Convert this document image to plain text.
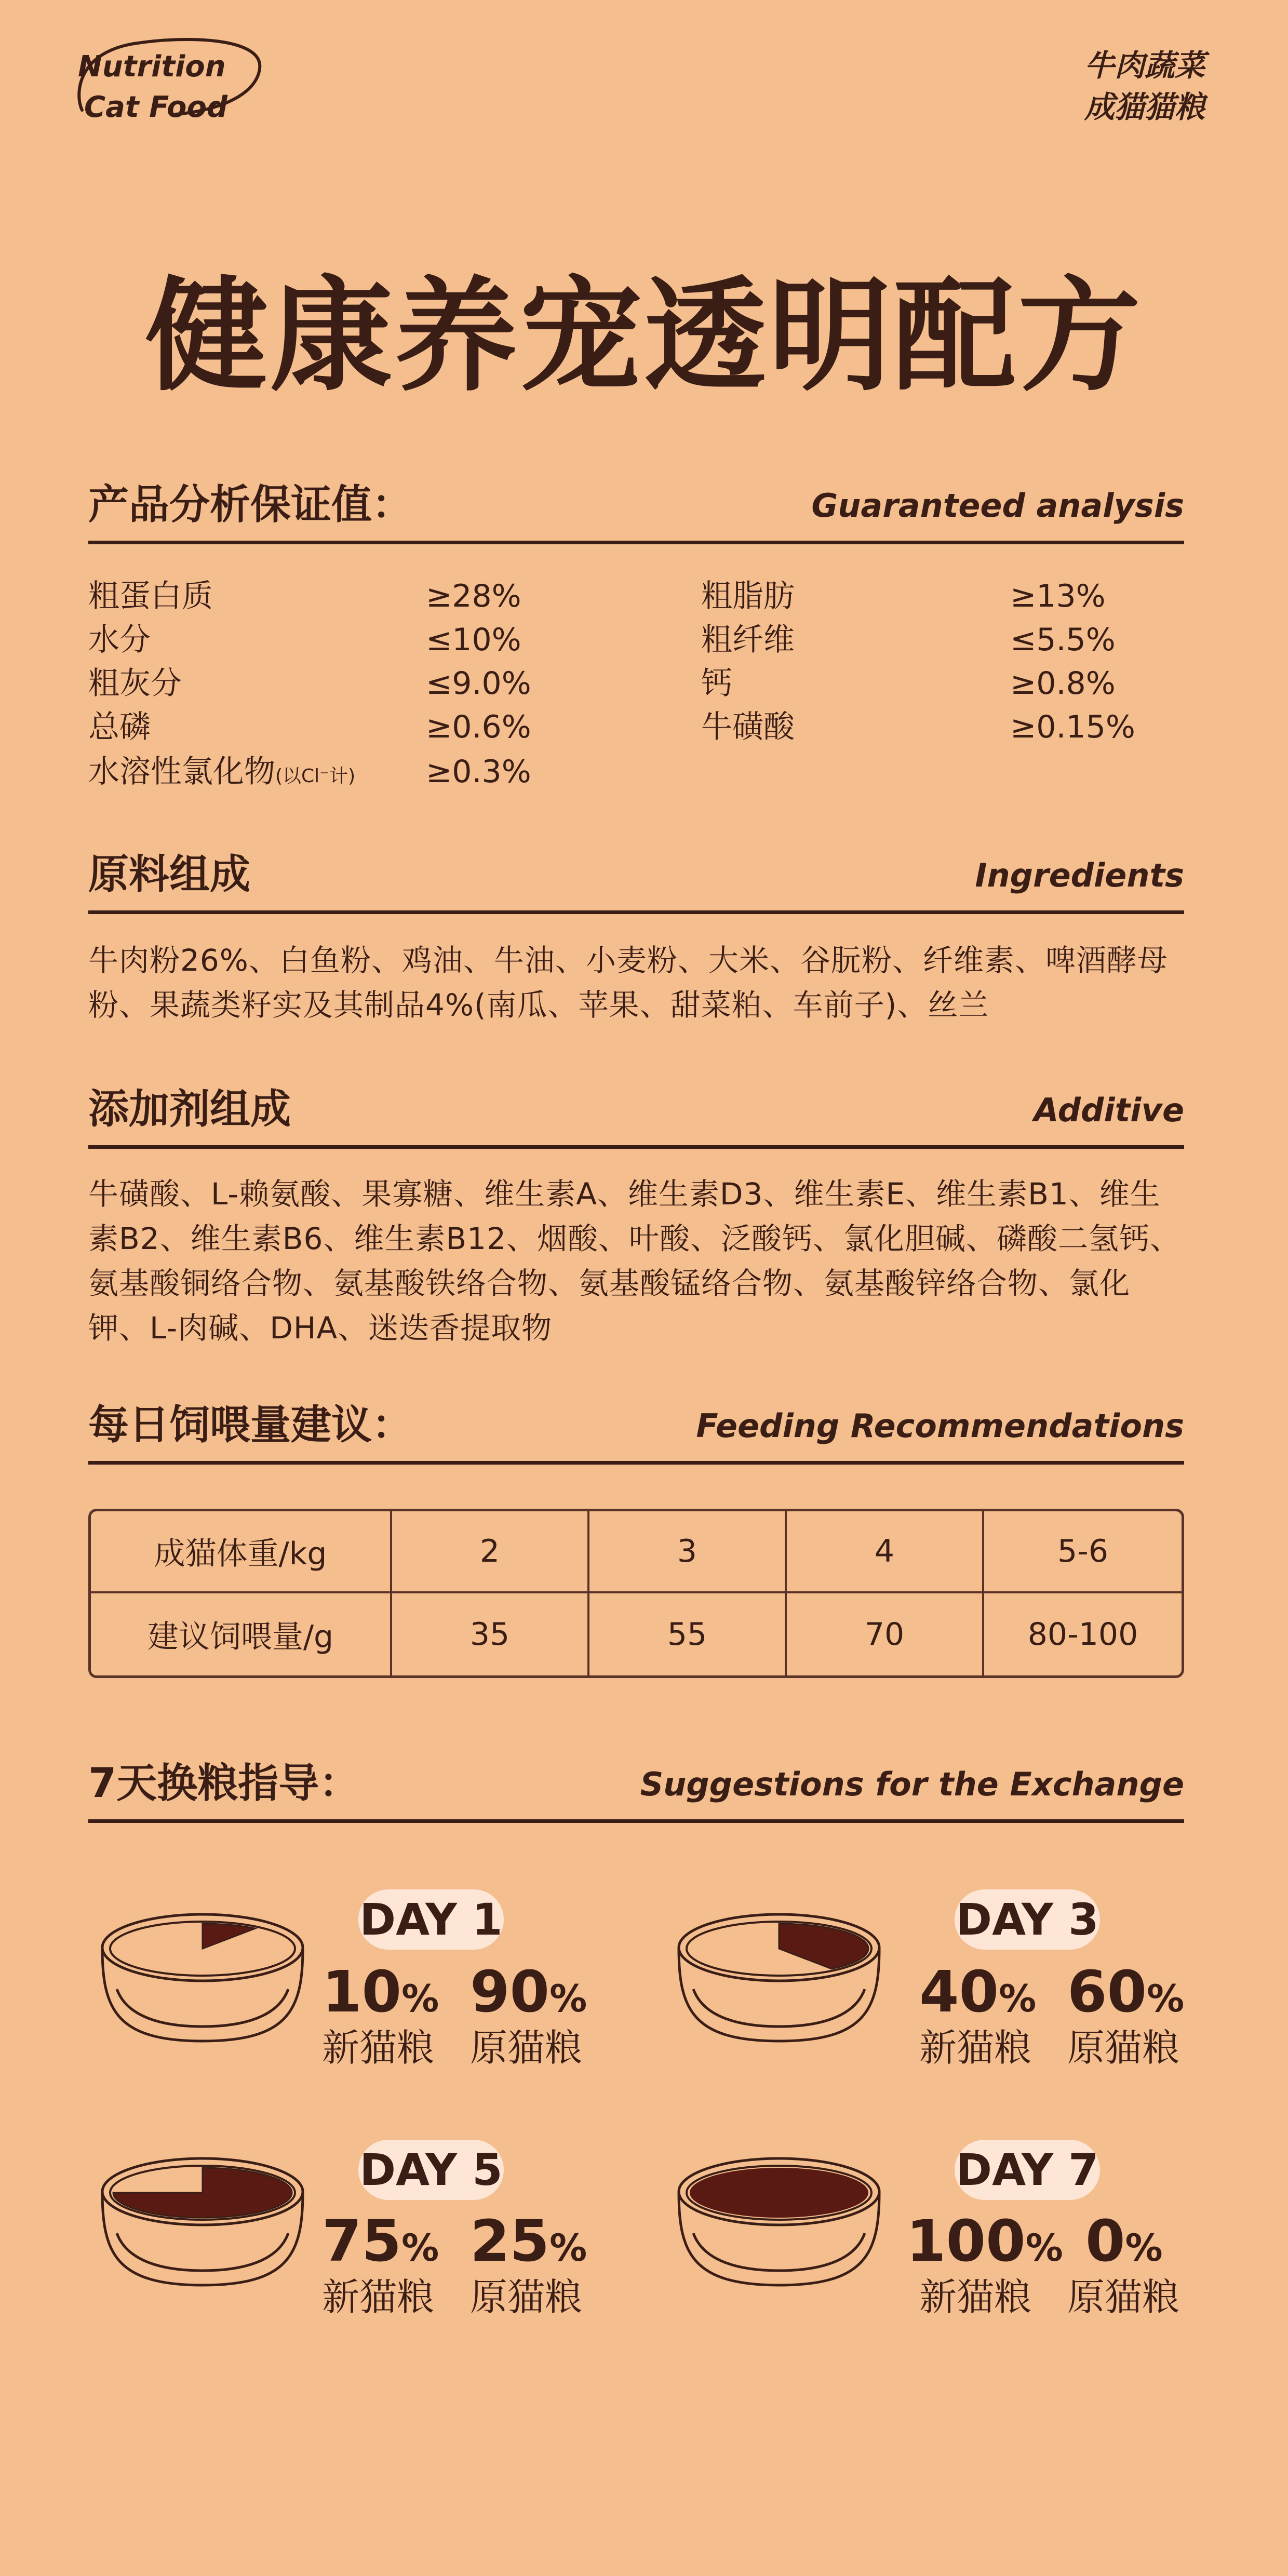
Nutrition
Cat Food
牛肉蔬菜
成猫猫粮
健康养宠透明配方
产品分析保证值：	Guaranteed analysis
粗蛋白质	≥28%	粗脂肪	≥13%
水分	≤10%	粗纤维	≤5.5%
粗灰分	≤9.0%	钙	≥0.8%
总磷	≥0.6%	牛磺酸	≥0.15%
水溶性氯化物(以Cl⁻计) ≥0.3%
原料组成	Ingredients
牛肉粉26%、白鱼粉、鸡油、牛油、小麦粉、大米、谷朊粉、纤维素、啤酒酵母粉、果蔬类籽实及其制品4%(南瓜、苹果、甜菜粕、车前子)、丝兰
添加剂组成	Additive
牛磺酸、L-赖氨酸、果寡糖、维生素A、维生素D3、维生素E、维生素B1、维生素B2、维生素B6、维生素B12、烟酸、叶酸、泛酸钙、氯化胆碱、磷酸二氢钙、氨基酸铜络合物、氨基酸铁络合物、氨基酸锰络合物、氨基酸锌络合物、氯化钾、L-肉碱、DHA、迷迭香提取物
每日饲喂量建议：	Feeding Recommendations
成猫体重/kg	2	3	4	5-6
建议饲喂量/g	35	55	70	80-100
7天换粮指导：	Suggestions for the Exchange
DAY 1
10% 90%
新猫粮 原猫粮
DAY 3
40% 60%
新猫粮 原猫粮
DAY 5
75% 25%
新猫粮 原猫粮
DAY 7
100% 0%
新猫粮 原猫粮
